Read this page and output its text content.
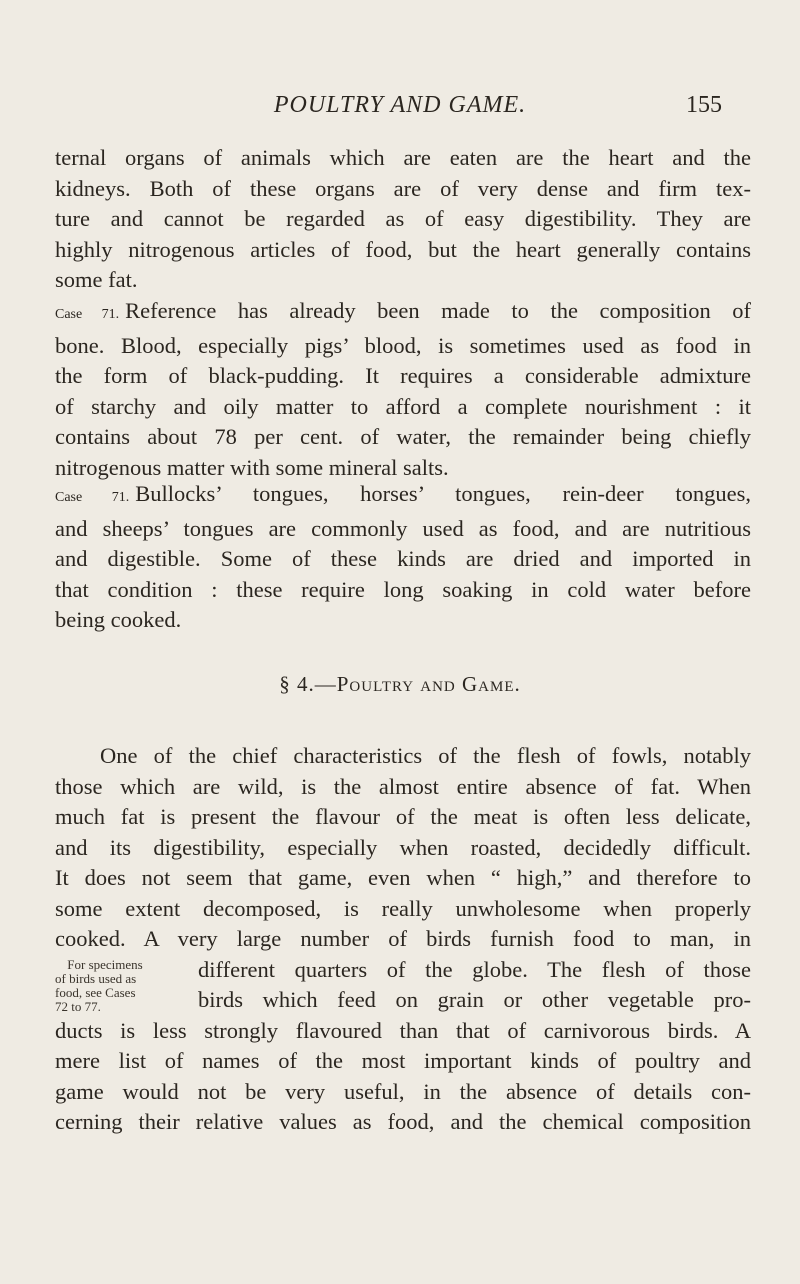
POULTRY AND GAME.	155
ternal organs of animals which are eaten are the heart and the
kidneys. Both of these organs are of very dense and firm tex-
ture and cannot be regarded as of easy digestibility. They are
highly nitrogenous articles of food, but the heart generally contains
some fat.
Case 71. Reference has already been made to the composition of
bone. Blood, especially pigs’ blood, is sometimes used as food in
the form of black-pudding. It requires a considerable admixture
of starchy and oily matter to afford a complete nourishment : it
contains about 78 per cent. of water, the remainder being chiefly
nitrogenous matter with some mineral salts.
Case 71. Bullocks’ tongues, horses’ tongues, rein-deer tongues,
and sheeps’ tongues are commonly used as food, and are nutritious
and digestible. Some of these kinds are dried and imported in
that condition : these require long soaking in cold water before
being cooked.
§ 4.—Poultry and Game.
One of the chief characteristics of the flesh of fowls, notably
those which are wild, is the almost entire absence of fat. When
much fat is present the flavour of the meat is often less delicate,
and its digestibility, especially when roasted, decidedly difficult.
It does not seem that game, even when “ high,” and therefore to
some extent decomposed, is really unwholesome when properly
cooked. A very large number of birds furnish food to man, in
different quarters of the globe. The flesh of those
birds which feed on grain or other vegetable pro-
ducts is less strongly flavoured than that of carnivorous birds. A
mere list of names of the most important kinds of poultry and
game would not be very useful, in the absence of details con-
cerning their relative values as food, and the chemical composition
For specimens
of birds used as
food, see Cases
72 to 77.
